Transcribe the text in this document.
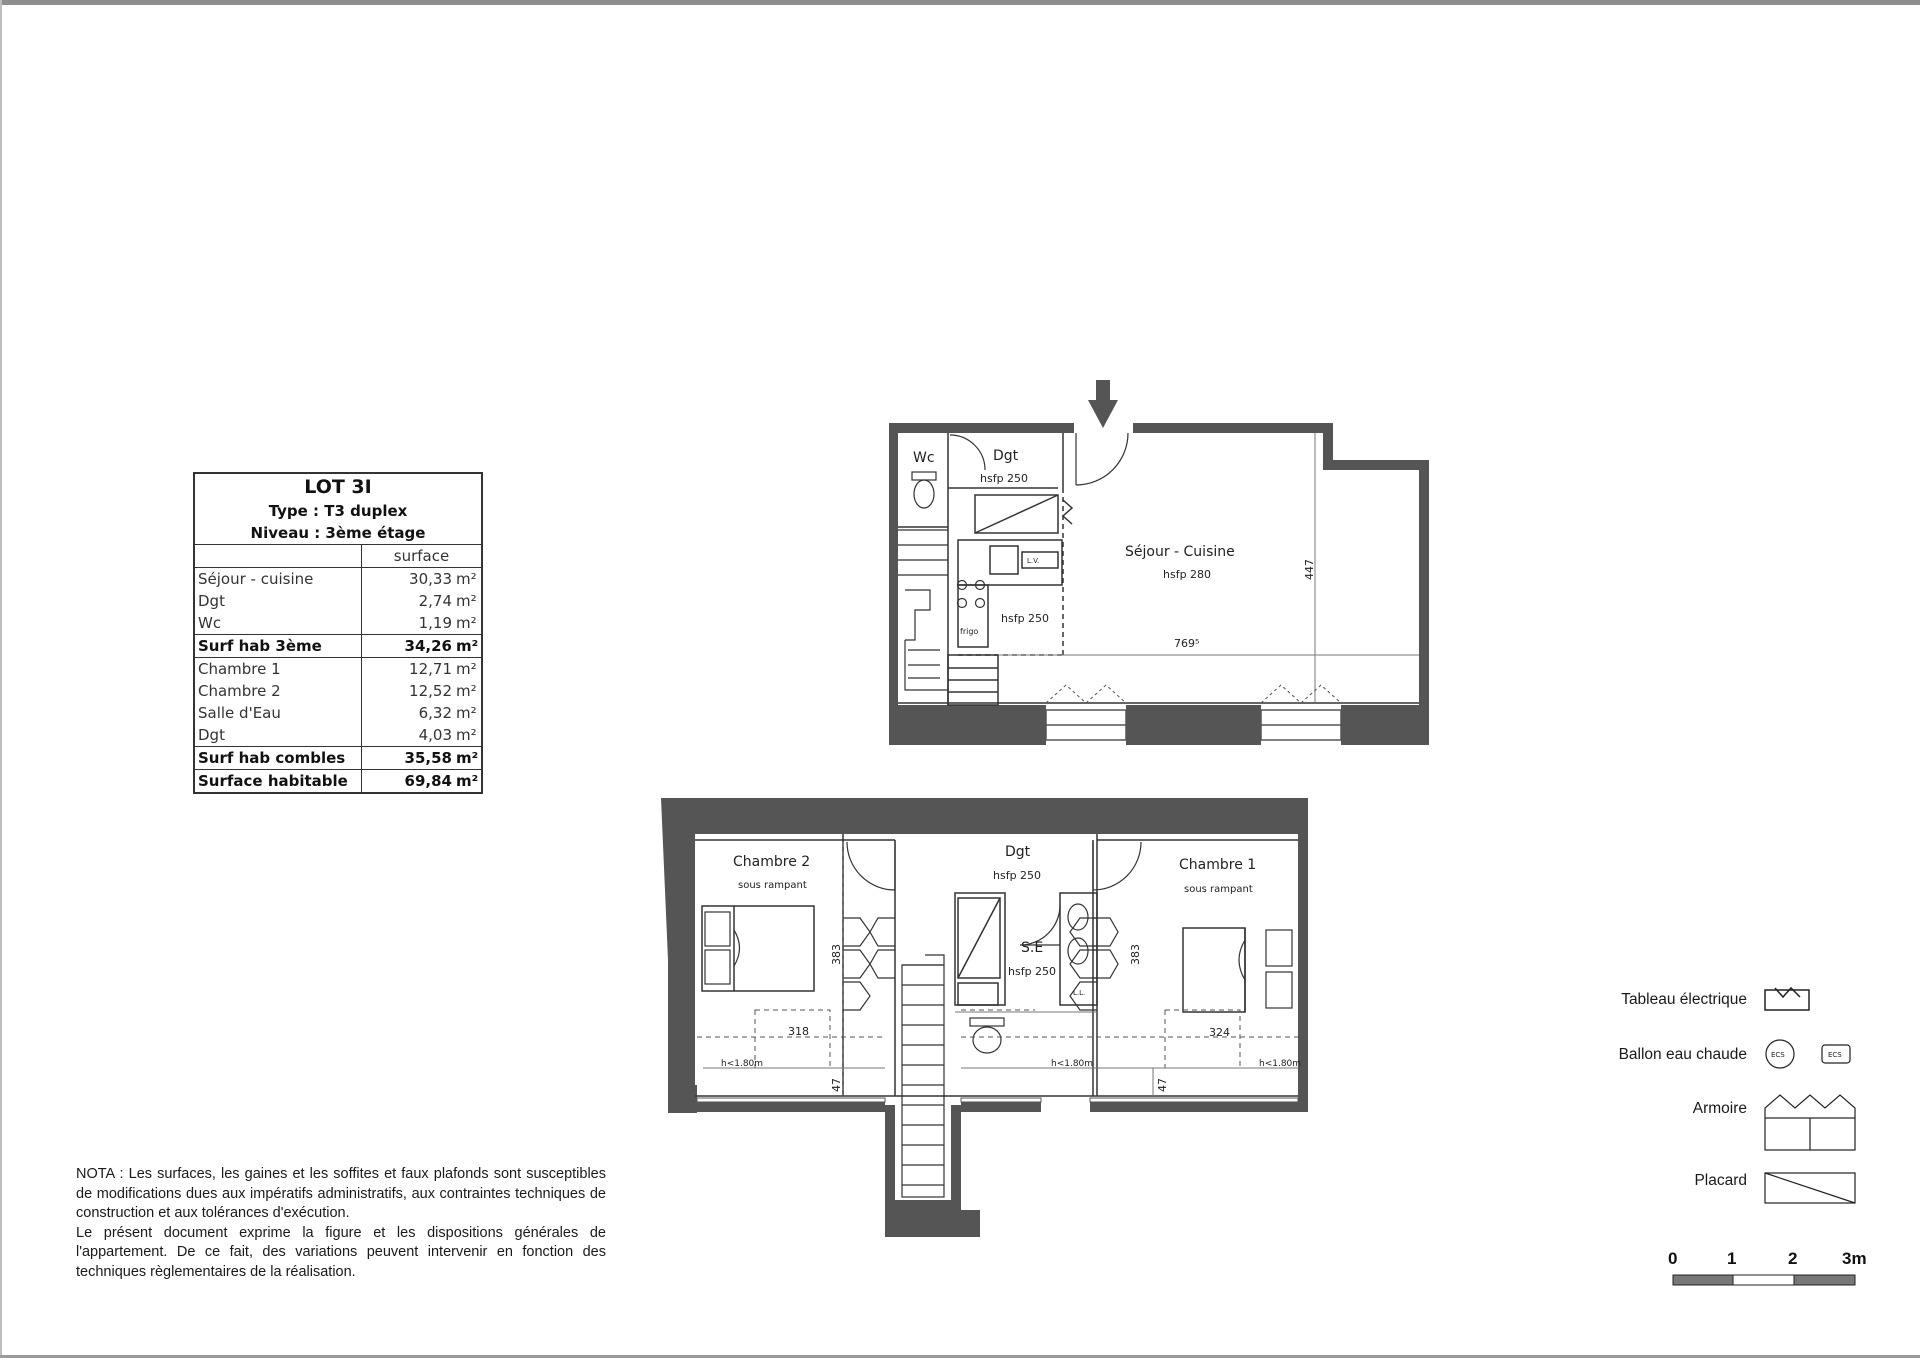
LOT 3I	
Type : T3 duplex	
Niveau : 3ème étage	
	surface
Séjour - cuisine	30,33 m²
Dgt	2,74 m²
Wc	1,19 m²
Surf hab 3ème	34,26 m²
Chambre 1	12,71 m²
Chambre 2	12,52 m²
Salle d'Eau	6,32 m²
Dgt	4,03 m²
Surf hab combles	35,58 m²
Surface habitable	69,84 m²

NOTA : Les surfaces, les gaines et les soffites et faux plafonds sont susceptibles de modifications dues aux impératifs administratifs, aux contraintes techniques de construction et aux tolérances d'exécution.

Le présent document exprime la figure et les dispositions générales de l'appartement. De ce fait, des variations peuvent intervenir en fonction des techniques règlementaires de la réalisation.

Wc	Dgt
hsfp 250
L.V.
frigo
hsfp 250
Séjour - Cuisine
hsfp 280	447
769⁵
Chambre 2
sous rampant
Dgt
hsfp 250
Chambre 1
sous rampant
S.E
hsfp 250
L.L.
383	383
318	324
47	47
h<1.80m	h<1.80m	h<1.80m
ECS	ECS
Tableau électrique
Ballon eau chaude
Armoire
Placard
0	1	2	3m
